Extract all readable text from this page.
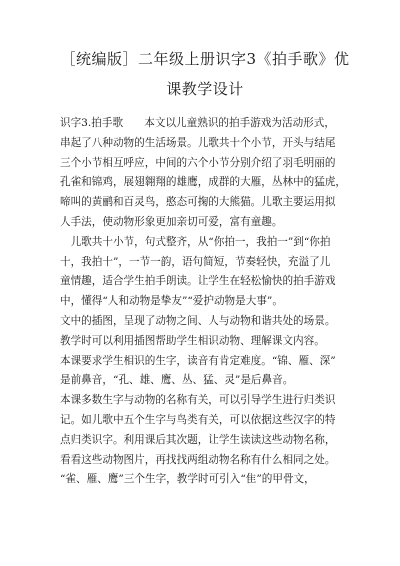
［统编版］二年级上册识字3《拍手歌》优
课教学设计
识字3.拍手歌　　本文以儿童熟识的拍手游戏为活动形式，
串起了八种动物的生活场景。儿歌共十个小节，开头与结尾
三个小节相互呼应，中间的六个小节分别介绍了羽毛明丽的
孔雀和锦鸡，展翅翱翔的雄鹰，成群的大雁，丛林中的猛虎，
啼叫的黄鹂和百灵鸟，憨态可掬的大熊猫。儿歌主要运用拟
人手法，使动物形象更加亲切可爱，富有童趣。
　儿歌共十小节，句式整齐，从“你拍一，我拍一”到“你拍
十，我拍十”，一节一韵，语句简短，节奏轻快，充溢了儿
童情趣，适合学生拍手朗读。让学生在轻松愉快的拍手游戏
中，懂得“人和动物是挚友”“爱护动物是大事”。
文中的插图，呈现了动物之间、人与动物和谐共处的场景。
教学时可以利用插图帮助学生相识动物、理解课文内容。
本课要求学生相识的生字，读音有肯定难度。“锦、雁、深”
是前鼻音，“孔、雄、鹰、丛、猛、灵”是后鼻音。
本课多数生字与动物的名称有关，可以引导学生进行归类识
记。如儿歌中五个生字与鸟类有关，可以依据这些汉字的特
点归类识字。利用课后其次题，让学生读读这些动物名称，
看看这些动物图片，再找找两组动物名称有什么相同之处。
“雀、雁、鹰”三个生字，教学时可引入“隹”的甲骨文，
